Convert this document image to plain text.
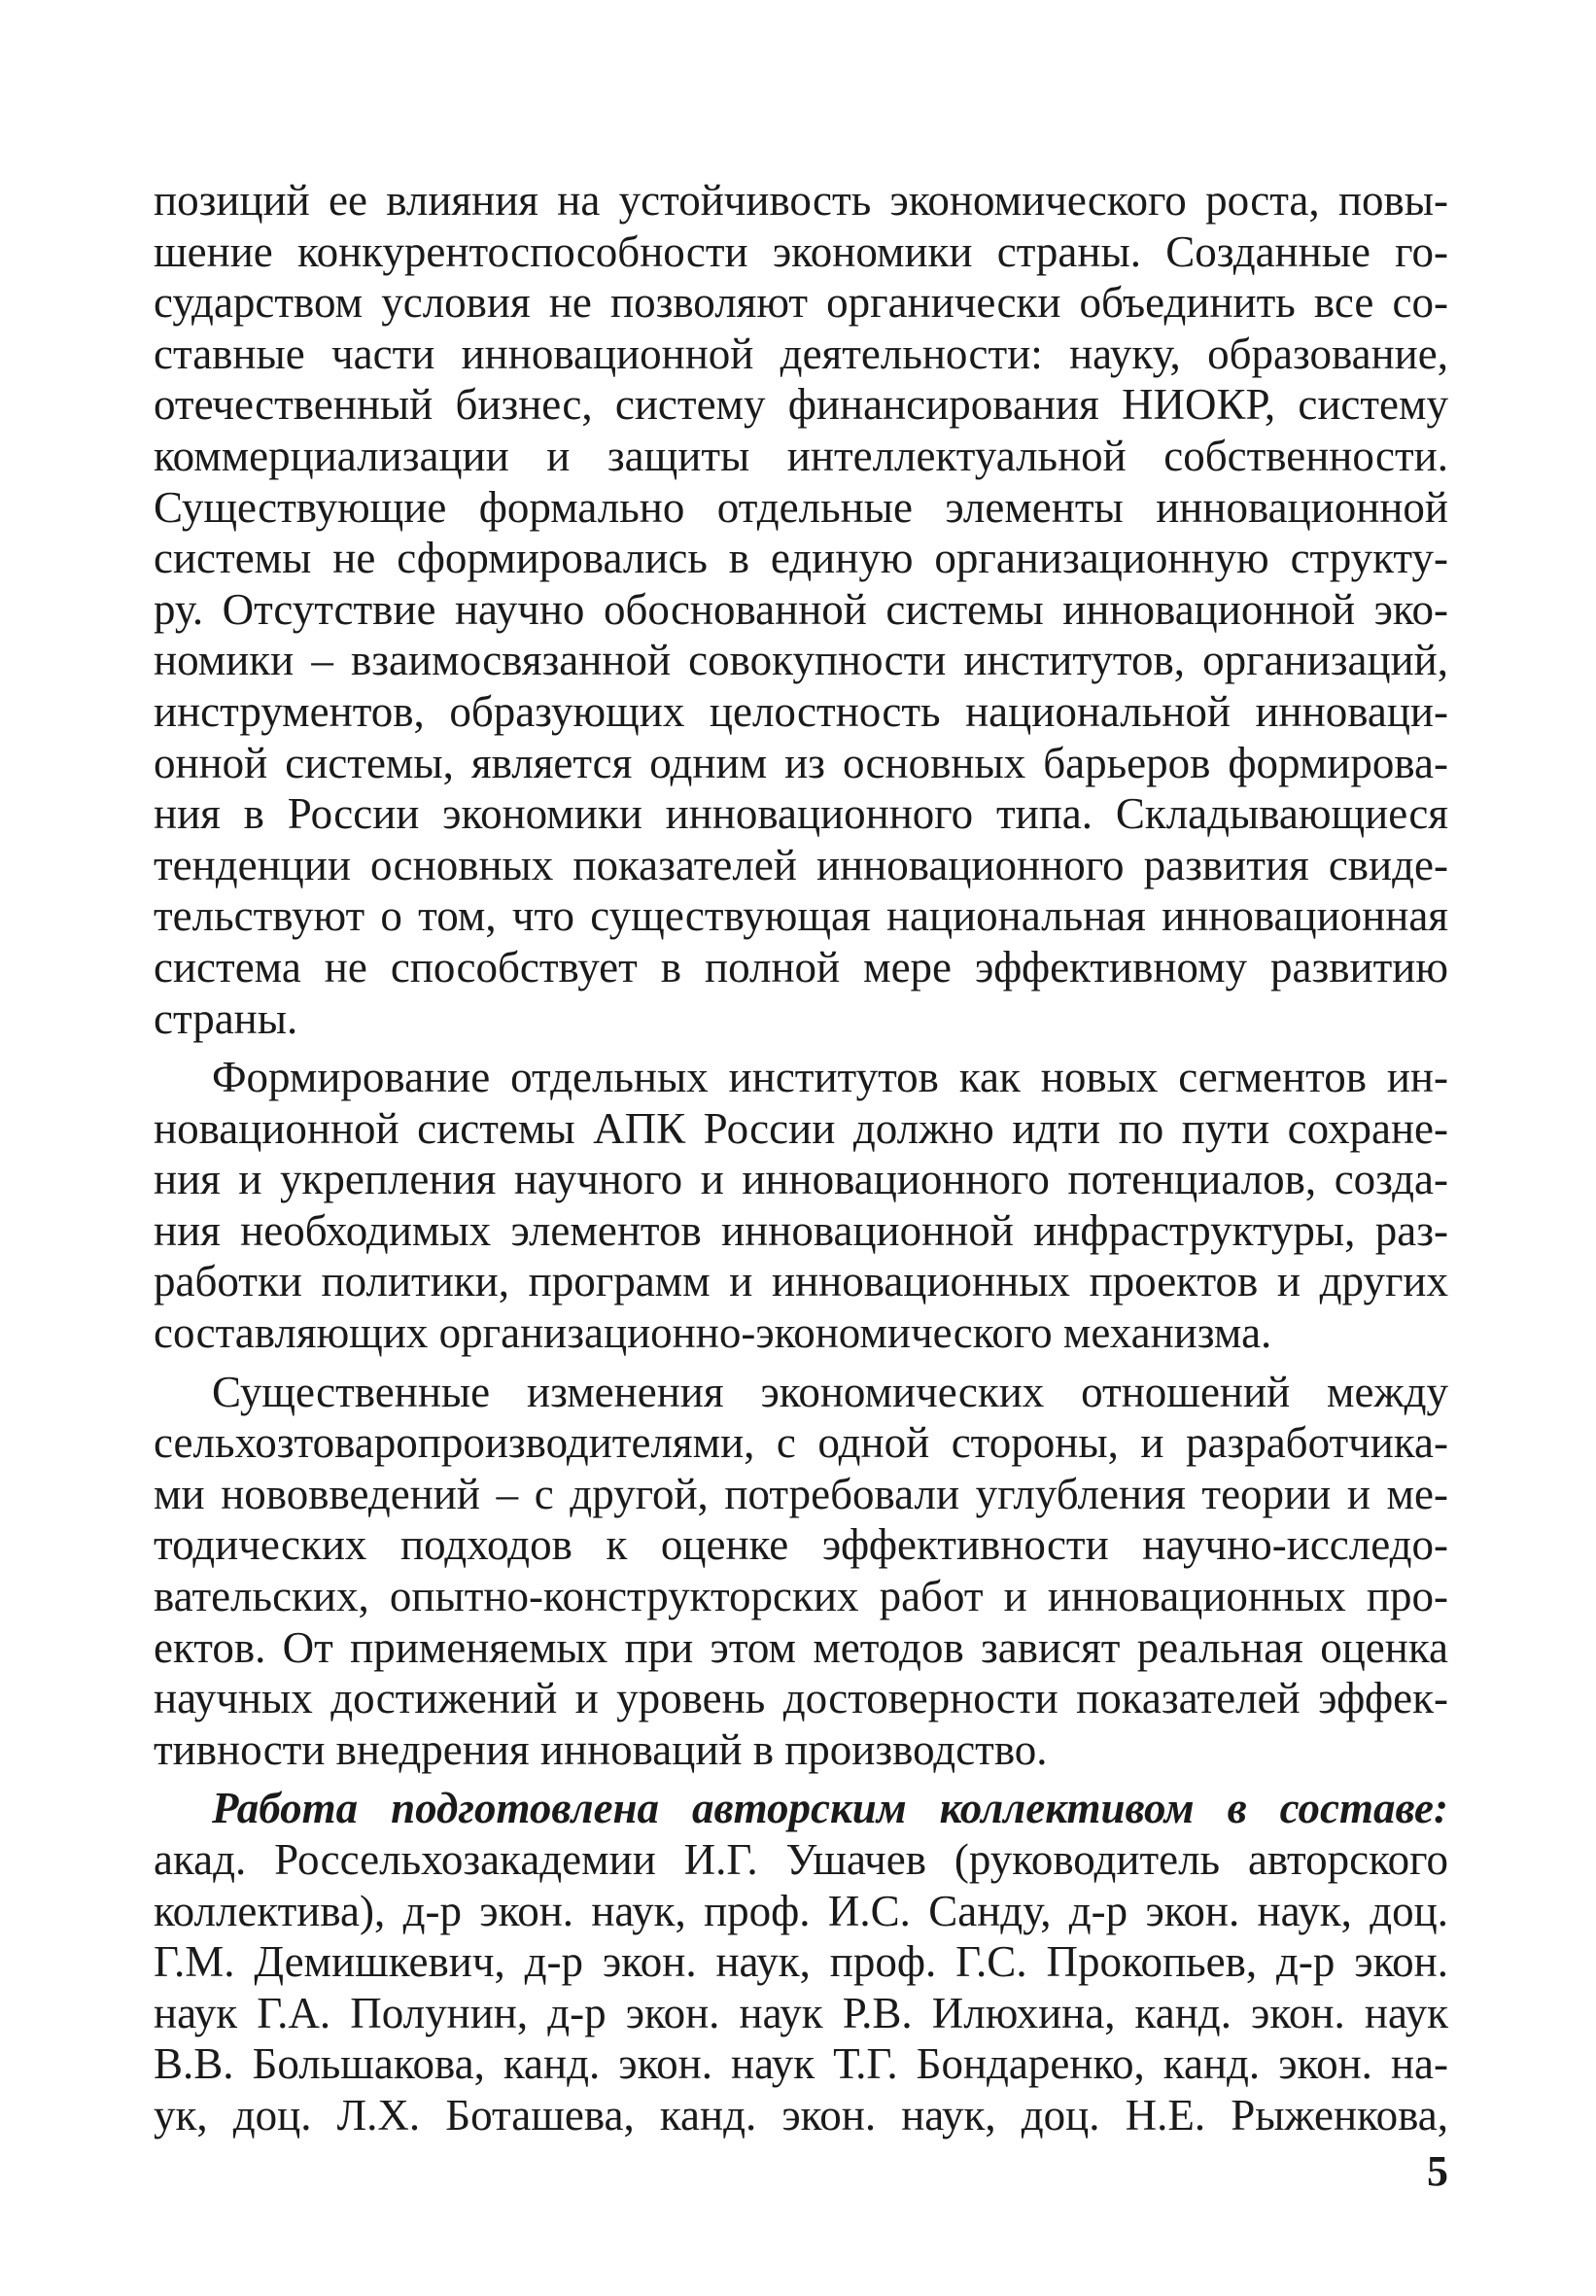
позиций ее влияния на устойчивость экономического роста, повы-
шение конкурентоспособности экономики страны. Созданные го-
сударством условия не позволяют органически объединить все со-
ставные части инновационной деятельности: науку, образование,
отечественный бизнес, систему финансирования НИОКР, систему
коммерциализации и защиты интеллектуальной собственности.
Существующие формально отдельные элементы инновационной
системы не сформировались в единую организационную структу-
ру. Отсутствие научно обоснованной системы инновационной эко-
номики – взаимосвязанной совокупности институтов, организаций,
инструментов, образующих целостность национальной инноваци-
онной системы, является одним из основных барьеров формирова-
ния в России экономики инновационного типа. Складывающиеся
тенденции основных показателей инновационного развития свиде-
тельствуют о том, что существующая национальная инновационная
система не способствует в полной мере эффективному развитию
страны.
Формирование отдельных институтов как новых сегментов ин-
новационной системы АПК России должно идти по пути сохране-
ния и укрепления научного и инновационного потенциалов, созда-
ния необходимых элементов инновационной инфраструктуры, раз-
работки политики, программ и инновационных проектов и других
составляющих организационно-экономического механизма.
Существенные изменения экономических отношений между
сельхозтоваропроизводителями, с одной стороны, и разработчика-
ми нововведений – с другой, потребовали углубления теории и ме-
тодических подходов к оценке эффективности научно-исследо-
вательских, опытно-конструкторских работ и инновационных про-
ектов. От применяемых при этом методов зависят реальная оценка
научных достижений и уровень достоверности показателей эффек-
тивности внедрения инноваций в производство.
Работа подготовлена авторским коллективом в составе:
акад. Россельхозакадемии И.Г. Ушачев (руководитель авторского
коллектива), д-р экон. наук, проф. И.С. Санду, д-р экон. наук, доц.
Г.М. Демишкевич, д-р экон. наук, проф. Г.С. Прокопьев, д-р экон.
наук Г.А. Полунин, д-р экон. наук Р.В. Илюхина, канд. экон. наук
В.В. Большакова, канд. экон. наук Т.Г. Бондаренко, канд. экон. на-
ук, доц. Л.Х. Боташева, канд. экон. наук, доц. Н.Е. Рыженкова,
5
